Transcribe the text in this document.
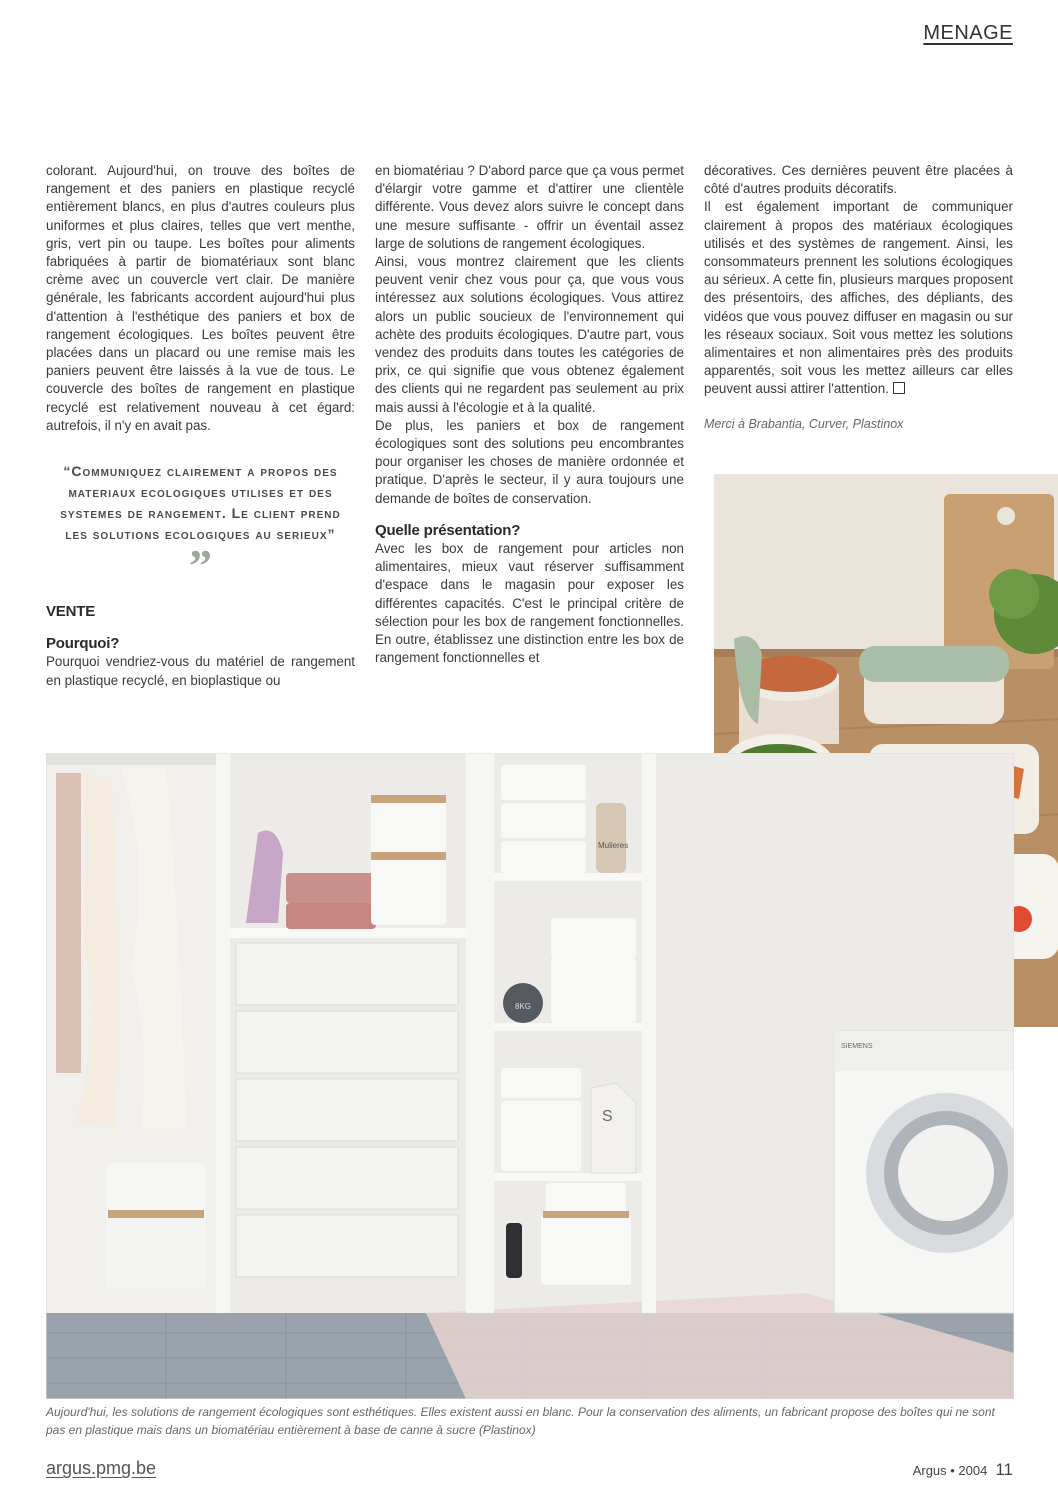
MENAGE

colorant. Aujourd'hui, on trouve des boîtes de rangement et des paniers en plastique recyclé entièrement blancs, en plus d'autres couleurs plus uniformes et plus claires, telles que vert menthe, gris, vert pin ou taupe. Les boîtes pour aliments fabriquées à partir de biomatériaux sont blanc crème avec un couvercle vert clair. De manière générale, les fabricants accordent aujourd'hui plus d'attention à l'esthétique des paniers et box de rangement écologiques. Les boîtes peuvent être placées dans un placard ou une remise mais les paniers peuvent être laissés à la vue de tous. Le couvercle des boîtes de rangement en plastique recyclé est relativement nouveau à cet égard: autrefois, il n'y en avait pas.

“Communiquez clairement a propos des materiaux ecologiques utilises et des systemes de rangement. Le client prend les solutions ecologiques au serieux”
”
VENTE
Pourquoi?

Pourquoi vendriez-vous du matériel de rangement en plastique recyclé, en bioplastique ou

en biomatériau ? D'abord parce que ça vous permet d'élargir votre gamme et d'attirer une clientèle différente. Vous devez alors suivre le concept dans une mesure suffisante - offrir un éventail assez large de solutions de rangement écologiques.

Ainsi, vous montrez clairement que les clients peuvent venir chez vous pour ça, que vous vous intéressez aux solutions écologiques. Vous attirez alors un public soucieux de l'environnement qui achète des produits écologiques. D'autre part, vous vendez des produits dans toutes les catégories de prix, ce qui signifie que vous obtenez également des clients qui ne regardent pas seulement au prix mais aussi à l'écologie et à la qualité.

De plus, les paniers et box de rangement écologiques sont des solutions peu encombrantes pour organiser les choses de manière ordonnée et pratique. D'après le secteur, il y aura toujours une demande de boîtes de conservation.

Quelle présentation?

Avec les box de rangement pour articles non alimentaires, mieux vaut réserver suffisamment d'espace dans le magasin pour exposer les différentes capacités. C'est le principal critère de sélection pour les box de rangement fonctionnelles. En outre, établissez une distinction entre les box de rangement fonctionnelles et

décoratives. Ces dernières peuvent être placées à côté d'autres produits décoratifs.

Il est également important de communiquer clairement à propos des matériaux écologiques utilisés et des systèmes de rangement. Ainsi, les consommateurs prennent les solutions écologiques au sérieux. A cette fin, plusieurs marques proposent des présentoirs, des affiches, des dépliants, des vidéos que vous pouvez diffuser en magasin ou sur les réseaux sociaux. Soit vous mettez les solutions alimentaires et non alimentaires près des produits apparentés, soit vous les mettez ailleurs car elles peuvent aussi attirer l'attention.

Merci à Brabantia, Curver, Plastinox
Mulieres
8KG
S
SIEMENS
Aujourd'hui, les solutions de rangement écologiques sont esthétiques. Elles existent aussi en blanc. Pour la conservation des aliments, un fabricant propose des boîtes qui ne sont pas en plastique mais dans un biomatériau entièrement à base de canne à sucre (Plastinox)
argus.pmg.be	Argus • 2004 11
